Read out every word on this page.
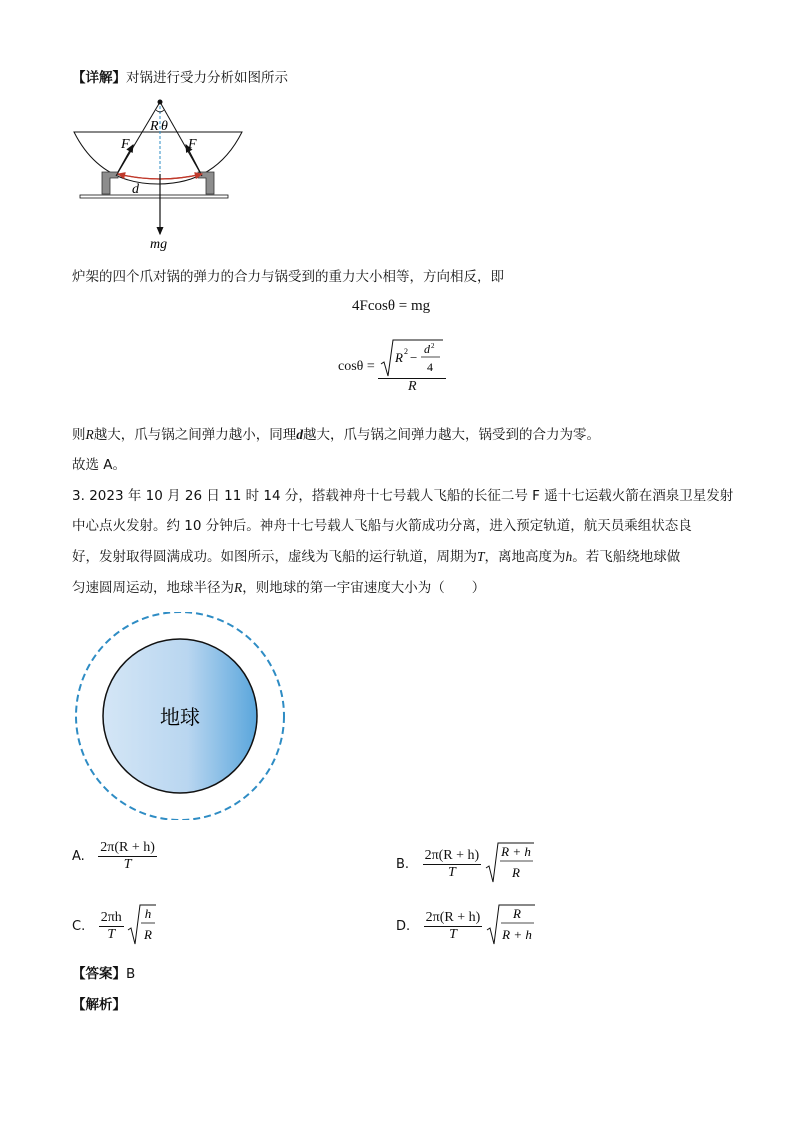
【详解】对锅进行受力分析如图所示
R θ
F	F
d
mg
炉架的四个爪对锅的弹力的合力与锅受到的重力大小相等，方向相反，即
4Fcosθ = mg
cosθ = R 2 −
d 2
4
R
则R越大，爪与锅之间弹力越小，同理d越大，爪与锅之间弹力越大，锅受到的合力为零。
故选 A。
3. 2023 年 10 月 26 日 11 时 14 分，搭载神舟十七号载人飞船的长征二号 F 遥十七运载火箭在酒泉卫星发射
中心点火发射。约 10 分钟后。神舟十七号载人飞船与火箭成功分离，进入预定轨道，航天员乘组状态良
好，发射取得圆满成功。如图所示，虚线为飞船的运行轨道，周期为T，离地高度为h。若飞船绕地球做
匀速圆周运动，地球半径为R，则地球的第一宇宙速度大小为（　　）
地球
A. $\frac{2\pi(R + h)}{T}$	B. $\frac{2\pi(R + h)}{T}$
R + h
R
C. $\frac{2\pi h}{T}$
h
R
D. $\frac{2\pi(R + h)}{T}$
R
R + h
【答案】B
【解析】
